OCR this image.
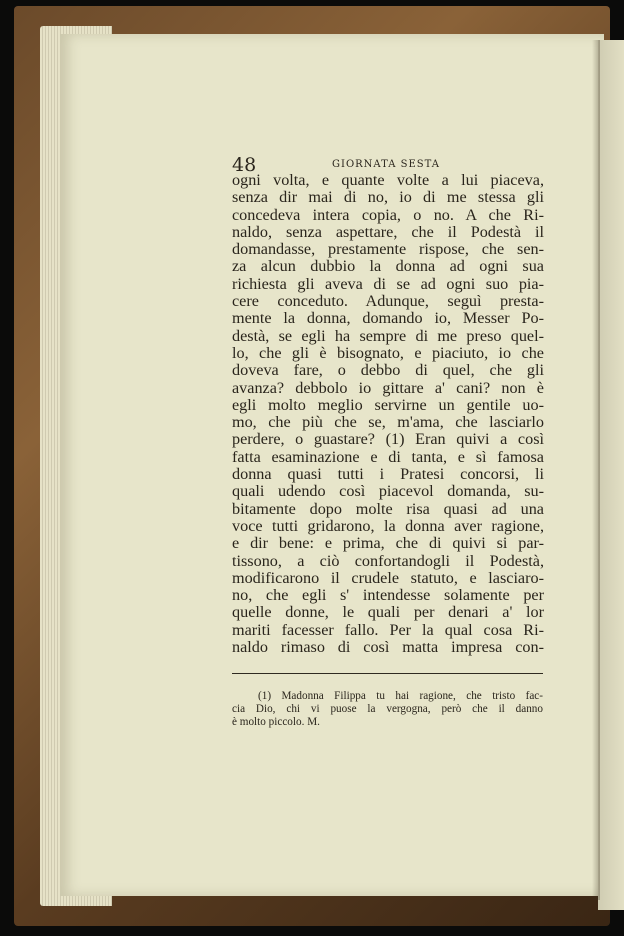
48	GIORNATA SESTA
ogni volta, e quante volte a lui piaceva,
senza dir mai di no, io di me stessa gli
concedeva intera copia, o no. A che Ri-
naldo, senza aspettare, che il Podestà il
domandasse, prestamente rispose, che sen-
za alcun dubbio la donna ad ogni sua
richiesta gli aveva di se ad ogni suo pia-
cere conceduto. Adunque, seguì presta-
mente la donna, domando io, Messer Po-
destà, se egli ha sempre di me preso quel-
lo, che gli è bisognato, e piaciuto, io che
doveva fare, o debbo di quel, che gli
avanza? debbolo io gittare a' cani? non è
egli molto meglio servirne un gentile uo-
mo, che più che se, m'ama, che lasciarlo
perdere, o guastare? (1) Eran quivi a così
fatta esaminazione e di tanta, e sì famosa
donna quasi tutti i Pratesi concorsi, li
quali udendo così piacevol domanda, su-
bitamente dopo molte risa quasi ad una
voce tutti gridarono, la donna aver ragione,
e dir bene: e prima, che di quivi si par-
tissono, a ciò confortandogli il Podestà,
modificarono il crudele statuto, e lasciaro-
no, che egli s' intendesse solamente per
quelle donne, le quali per denari a' lor
mariti facesser fallo. Per la qual cosa Ri-
naldo rimaso di così matta impresa con-
(1) Madonna Filippa tu hai ragione, che tristo fac-
cia Dio, chi vi puose la vergogna, però che il danno
è molto piccolo. M.
